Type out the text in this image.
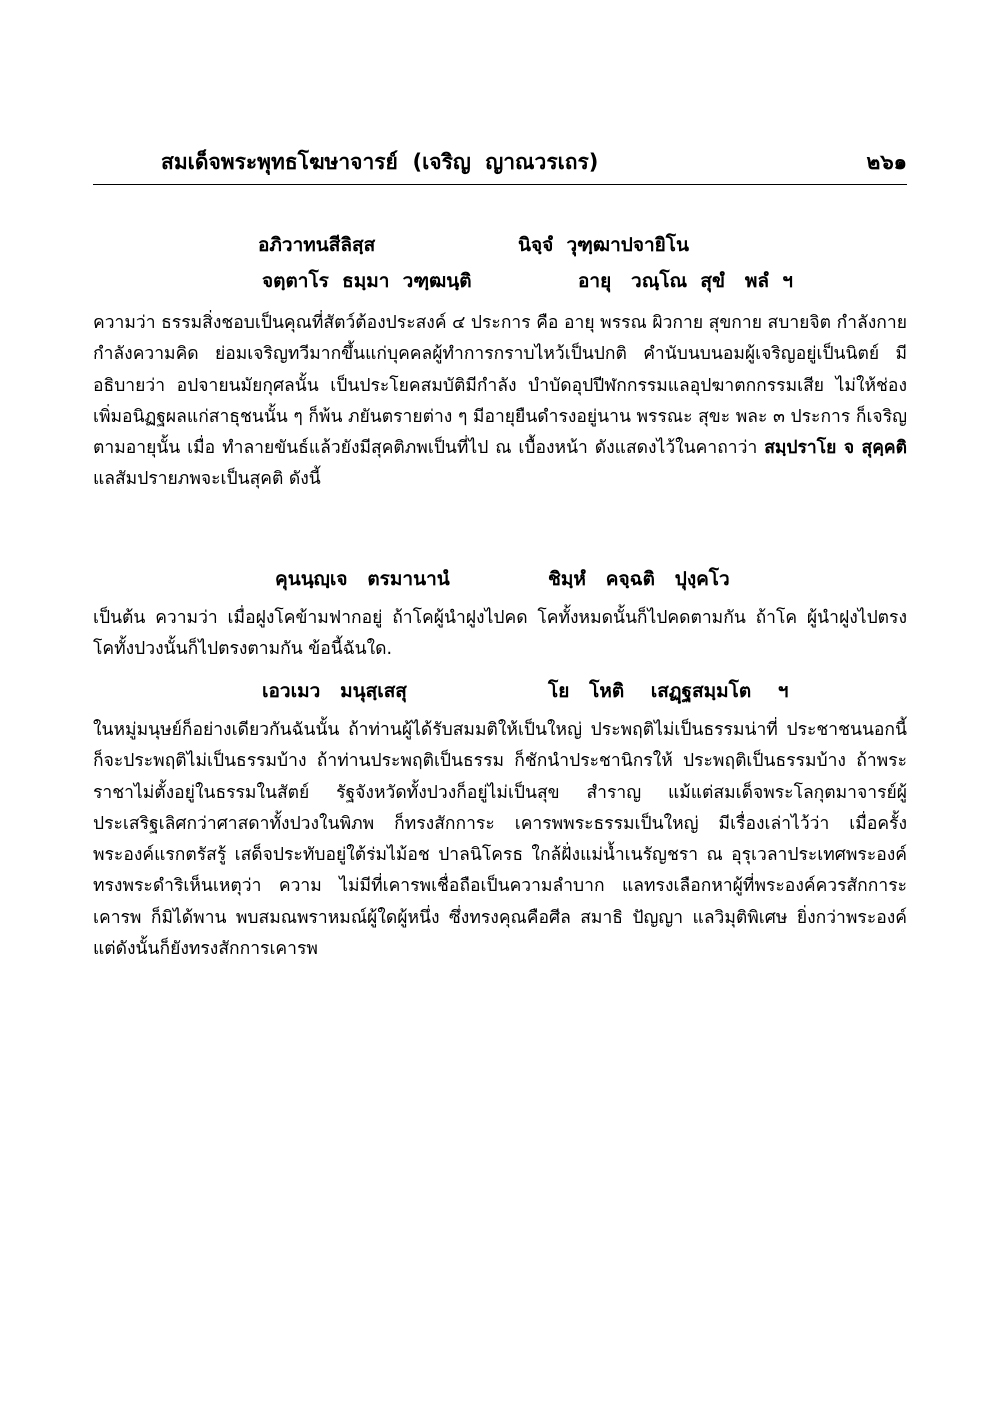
สมเด็จพระพุทธโฆษาจารย์  (เจริญ  ญาณวรเถร)	๒๖๑
อภิวาทนสีลิสฺส	นิจฺจํ  วุฑฺฒาปจายิโน
จตฺตาโร  ธมฺมา  วฑฺฒนฺติ	อายุ   วณฺโณ  สุขํ   พลํ  ฯ
ความว่า ธรรมสิ่งชอบเป็นคุณที่สัตว์ต้องประสงค์ ๔ ประการ คือ อายุ พรรณ ผิวกาย สุขกาย สบายจิต กำลังกาย กำลังความคิด ย่อมเจริญทวีมากขึ้นแก่บุคคลผู้ทำการกราบไหว้เป็นปกติ คำนับนบนอมผู้เจริญอยู่เป็นนิตย์ มีอธิบายว่า อปจายนมัยกุศลนั้น เป็นประโยคสมบัติมีกำลัง บำบัดอุปปีฬกกรรมแลอุปฆาตกกรรมเสีย ไม่ให้ช่องเพิ่มอนิฏฐผลแก่สาธุชนนั้น ๆ ก็พ้น ภยันตรายต่าง ๆ มีอายุยืนดำรงอยู่นาน พรรณะ สุขะ พละ ๓ ประการ ก็เจริญตามอายุนั้น เมื่อ ทำลายขันธ์แล้วยังมีสุคติภพเป็นที่ไป ณ เบื้องหน้า ดังแสดงไว้ในคาถาว่า สมฺปราโย จ สุคฺคติ แลสัมปรายภพจะเป็นสุคติ ดังนี้
คุนนฺญฺเจ   ตรมานานํ	ชิมฺหํ   คจฺฉติ   ปุงฺคโว
เป็นต้น ความว่า เมื่อฝูงโคข้ามฟากอยู่ ถ้าโคผู้นำฝูงไปคด โคทั้งหมดนั้นก็ไปคดตามกัน ถ้าโค ผู้นำฝูงไปตรง โคทั้งปวงนั้นก็ไปตรงตามกัน ข้อนี้ฉันใด.
เอวเมว   มนุสฺเสสุ	โย   โหติ    เสฏฺฐสมฺมโต    ฯ
ในหมู่มนุษย์ก็อย่างเดียวกันฉันนั้น ถ้าท่านผู้ได้รับสมมติให้เป็นใหญ่ ประพฤติไม่เป็นธรรมน่าที่ ประชาชนนอกนี้ก็จะประพฤติไม่เป็นธรรมบ้าง ถ้าท่านประพฤติเป็นธรรม ก็ชักนำประชานิกรให้ ประพฤติเป็นธรรมบ้าง ถ้าพระราชาไม่ตั้งอยู่ในธรรมในสัตย์ รัฐจังหวัดทั้งปวงก็อยู่ไม่เป็นสุข สำราญ แม้แต่สมเด็จพระโลกุตมาจารย์ผู้ประเสริฐเลิศกว่าศาสดาทั้งปวงในพิภพ ก็ทรงสักการะ เคารพพระธรรมเป็นใหญ่ มีเรื่องเล่าไว้ว่า เมื่อครั้งพระองค์แรกตรัสรู้ เสด็จประทับอยู่ใต้ร่มไม้อช ปาลนิโครธ ใกล้ฝั่งแม่น้ำเนรัญชรา ณ อุรุเวลาประเทศพระองค์ทรงพระดำริเห็นเหตุว่า ความ ไม่มีที่เคารพเชื่อถือเป็นความลำบาก แลทรงเลือกหาผู้ที่พระองค์ควรสักการะเคารพ ก็มิได้พาน พบสมณพราหมณ์ผู้ใดผู้หนึ่ง ซึ่งทรงคุณคือศีล สมาธิ ปัญญา แลวิมุติพิเศษ ยิ่งกว่าพระองค์ แต่ดังนั้นก็ยังทรงสักการเคารพ
